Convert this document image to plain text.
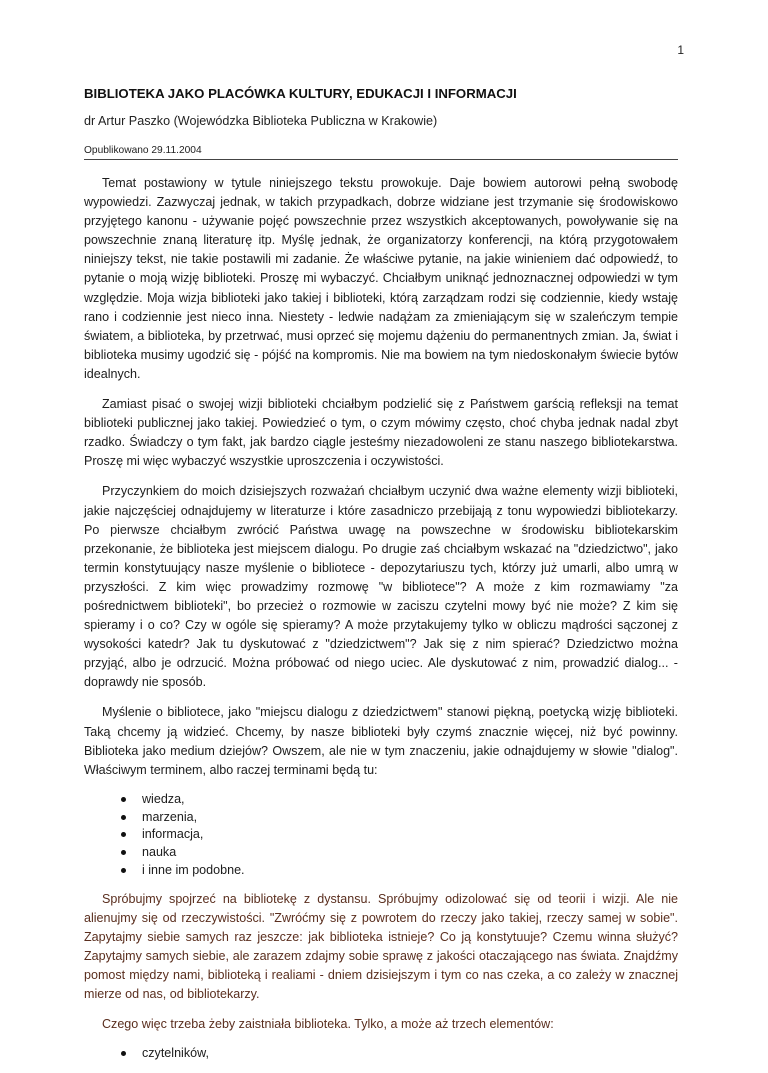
1
BIBLIOTEKA JAKO PLACÓWKA KULTURY, EDUKACJI I INFORMACJI
dr Artur Paszko (Wojewódzka Biblioteka Publiczna w Krakowie)
Opublikowano 29.11.2004

Temat postawiony w tytule niniejszego tekstu prowokuje. Daje bowiem autorowi pełną swobodę wypowiedzi. Zazwyczaj jednak, w takich przypadkach, dobrze widziane jest trzymanie się środowiskowo przyjętego kanonu - używanie pojęć powszechnie przez wszystkich akceptowanych, powoływanie się na powszechnie znaną literaturę itp. Myślę jednak, że organizatorzy konferencji, na którą przygotowałem niniejszy tekst, nie takie postawili mi zadanie. Że właściwe pytanie, na jakie winieniem dać odpowiedź, to pytanie o moją wizję biblioteki. Proszę mi wybaczyć. Chciałbym uniknąć jednoznacznej odpowiedzi w tym względzie. Moja wizja biblioteki jako takiej i biblioteki, którą zarządzam rodzi się codziennie, kiedy wstaję rano i codziennie jest nieco inna. Niestety - ledwie nadążam za zmieniającym się w szaleńczym tempie światem, a biblioteka, by przetrwać, musi oprzeć się mojemu dążeniu do permanentnych zmian. Ja, świat i biblioteka musimy ugodzić się - pójść na kompromis. Nie ma bowiem na tym niedoskonałym świecie bytów idealnych.

Zamiast pisać o swojej wizji biblioteki chciałbym podzielić się z Państwem garścią refleksji na temat biblioteki publicznej jako takiej. Powiedzieć o tym, o czym mówimy często, choć chyba jednak nadal zbyt rzadko. Świadczy o tym fakt, jak bardzo ciągle jesteśmy niezadowoleni ze stanu naszego bibliotekarstwa. Proszę mi więc wybaczyć wszystkie uproszczenia i oczywistości.

Przyczynkiem do moich dzisiejszych rozważań chciałbym uczynić dwa ważne elementy wizji biblioteki, jakie najczęściej odnajdujemy w literaturze i które zasadniczo przebijają z tonu wypowiedzi bibliotekarzy. Po pierwsze chciałbym zwrócić Państwa uwagę na powszechne w środowisku bibliotekarskim przekonanie, że biblioteka jest miejscem dialogu. Po drugie zaś chciałbym wskazać na "dziedzictwo", jako termin konstytuujący nasze myślenie o bibliotece - depozytariuszu tych, którzy już umarli, albo umrą w przyszłości. Z kim więc prowadzimy rozmowę "w bibliotece"? A może z kim rozmawiamy "za pośrednictwem biblioteki", bo przecież o rozmowie w zaciszu czytelni mowy być nie może? Z kim się spieramy i o co? Czy w ogóle się spieramy? A może przytakujemy tylko w obliczu mądrości sączonej z wysokości katedr? Jak tu dyskutować z "dziedzictwem"? Jak się z nim spierać? Dziedzictwo można przyjąć, albo je odrzucić. Można próbować od niego uciec. Ale dyskutować z nim, prowadzić dialog... - doprawdy nie sposób.

Myślenie o bibliotece, jako "miejscu dialogu z dziedzictwem" stanowi piękną, poetycką wizję biblioteki. Taką chcemy ją widzieć. Chcemy, by nasze biblioteki były czymś znacznie więcej, niż być powinny. Biblioteka jako medium dziejów? Owszem, ale nie w tym znaczeniu, jakie odnajdujemy w słowie "dialog". Właściwym terminem, albo raczej terminami będą tu:

wiedza,
marzenia,
informacja,
nauka
i inne im podobne.

Spróbujmy spojrzeć na bibliotekę z dystansu. Spróbujmy odizolować się od teorii i wizji. Ale nie alienujmy się od rzeczywistości. "Zwróćmy się z powrotem do rzeczy jako takiej, rzeczy samej w sobie". Zapytajmy siebie samych raz jeszcze: jak biblioteka istnieje? Co ją konstytuuje? Czemu winna służyć? Zapytajmy samych siebie, ale zarazem zdajmy sobie sprawę z jakości otaczającego nas świata. Znajdźmy pomost między nami, biblioteką i realiami - dniem dzisiejszym i tym co nas czeka, a co zależy w znacznej mierze od nas, od bibliotekarzy.

Czego więc trzeba żeby zaistniała biblioteka. Tylko, a może aż trzech elementów:

czytelników,
